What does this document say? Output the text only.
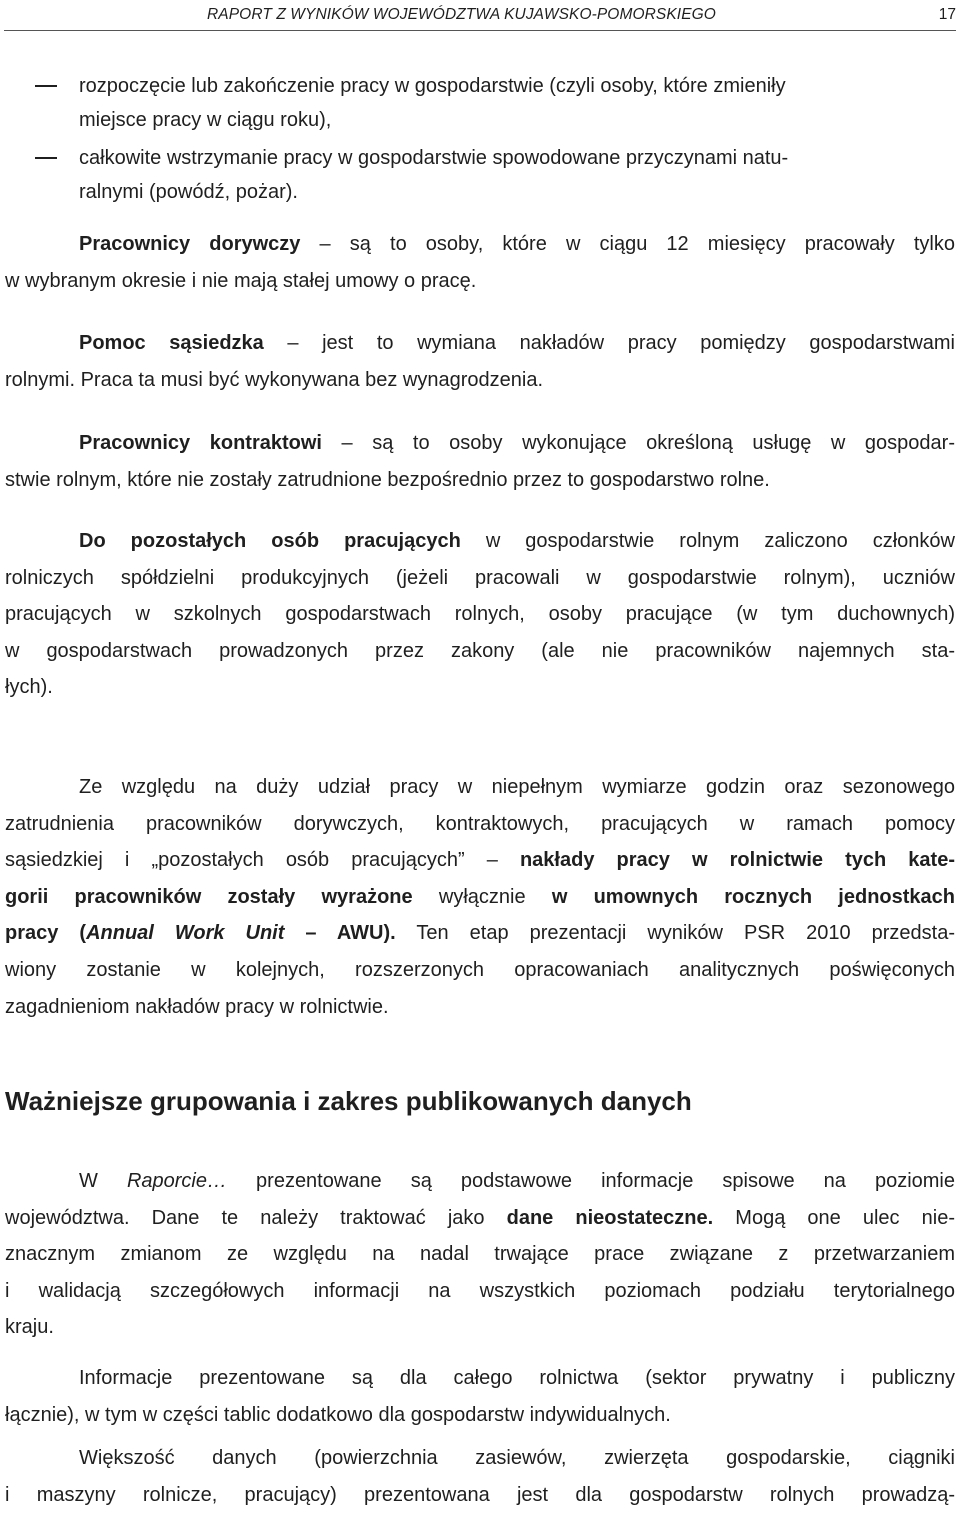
RAPORT Z WYNIKÓW WOJEWÓDZTWA KUJAWSKO-POMORSKIEGO	17
rozpoczęcie lub zakończenie pracy w gospodarstwie (czyli osoby, które zmieniły
miejsce pracy w ciągu roku),
całkowite wstrzymanie pracy w gospodarstwie spowodowane przyczynami natu-
ralnymi (powódź, pożar).
Pracownicy dorywczy – są to osoby, które w ciągu 12 miesięcy pracowały tylko
w wybranym okresie i nie mają stałej umowy o pracę.
Pomoc sąsiedzka – jest to wymiana nakładów pracy pomiędzy gospodarstwami
rolnymi. Praca ta musi być wykonywana bez wynagrodzenia.
Pracownicy kontraktowi – są to osoby wykonujące określoną usługę w gospodar-
stwie rolnym, które nie zostały zatrudnione bezpośrednio przez to gospodarstwo rolne.
Do pozostałych osób pracujących w gospodarstwie rolnym zaliczono członków
rolniczych spółdzielni produkcyjnych (jeżeli pracowali w gospodarstwie rolnym), uczniów
pracujących w szkolnych gospodarstwach rolnych, osoby pracujące (w tym duchownych)
w gospodarstwach prowadzonych przez zakony (ale nie pracowników najemnych sta-
łych).
Ze względu na duży udział pracy w niepełnym wymiarze godzin oraz sezonowego
zatrudnienia pracowników dorywczych, kontraktowych, pracujących w ramach pomocy
sąsiedzkiej i „pozostałych osób pracujących” – nakłady pracy w rolnictwie tych kate-
gorii pracowników zostały wyrażone wyłącznie w umownych rocznych jednostkach
pracy (Annual Work Unit – AWU). Ten etap prezentacji wyników PSR 2010 przedsta-
wiony zostanie w kolejnych, rozszerzonych opracowaniach analitycznych poświęconych
zagadnieniom nakładów pracy w rolnictwie.
Ważniejsze grupowania i zakres publikowanych danych
W Raporcie… prezentowane są podstawowe informacje spisowe na poziomie
województwa. Dane te należy traktować jako dane nieostateczne. Mogą one ulec nie-
znacznym zmianom ze względu na nadal trwające prace związane z przetwarzaniem
i walidacją szczegółowych informacji na wszystkich poziomach podziału terytorialnego
kraju.
Informacje prezentowane są dla całego rolnictwa (sektor prywatny i publiczny
łącznie), w tym w części tablic dodatkowo dla gospodarstw indywidualnych.
Większość danych (powierzchnia zasiewów, zwierzęta gospodarskie, ciągniki
i maszyny rolnicze, pracujący) prezentowana jest dla gospodarstw rolnych prowadzą-
